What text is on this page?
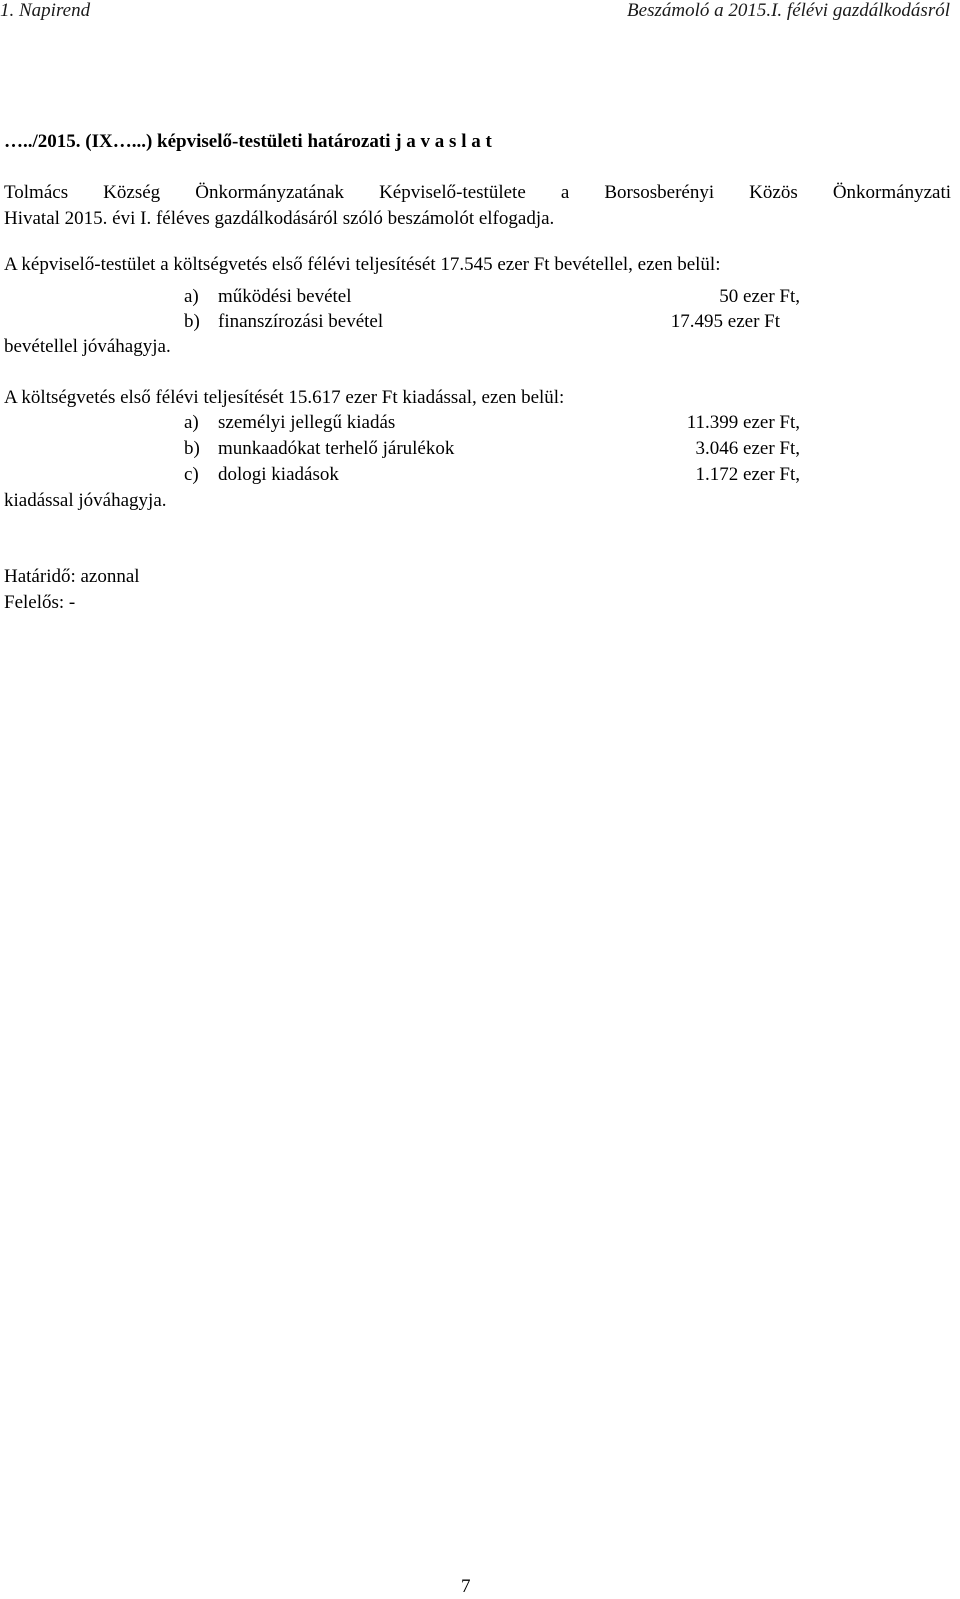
1. Napirend	Beszámoló a 2015.I. félévi gazdálkodásról
…../2015. (IX…...) képviselő-testületi határozati j a v a s l a t
Tolmács Község Önkormányzatának Képviselő-testülete a Borsosberényi Közös Önkormányzati
Hivatal 2015. évi I. féléves gazdálkodásáról szóló beszámolót elfogadja.
A képviselő-testület a költségvetés első félévi teljesítését 17.545 ezer Ft bevétellel, ezen belül:
a) működési bevétel	50 ezer Ft,
b) finanszírozási bevétel	17.495 ezer Ft
bevétellel jóváhagyja.
A költségvetés első félévi teljesítését 15.617 ezer Ft kiadással, ezen belül:
a) személyi jellegű kiadás	11.399 ezer Ft,
b) munkaadókat terhelő járulékok	3.046 ezer Ft,
c) dologi kiadások	1.172 ezer Ft,
kiadással jóváhagyja.
Határidő: azonnal
Felelős: -
7
